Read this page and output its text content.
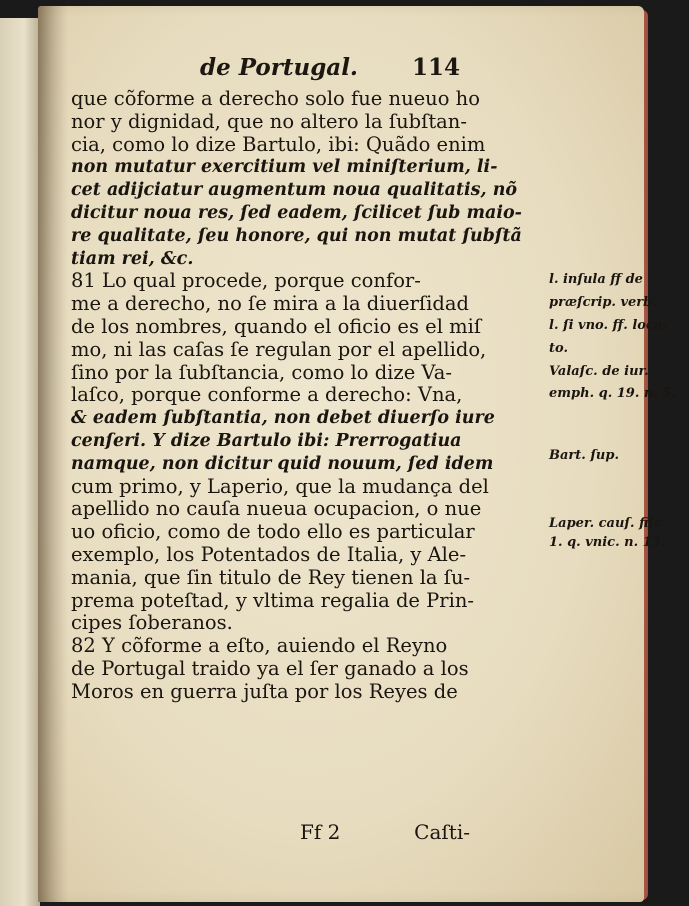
de Portugal. 114
que cõforme a derecho solo fue nueuo ho
nor y dignidad, que no altero la ſubſtan-
cia, como lo dize Bartulo, ibi: Quãdo enim
non mutatur exercitium vel miniſterium, li-
cet adijciatur augmentum noua qualitatis, nõ
dicitur noua res, ſed eadem, ſcilicet ſub maio-
re qualitate, ſeu honore, qui non mutat ſubſtã
tiam rei, &c.
81 Lo qual procede, porque confor-
me a derecho, no ſe mira a la diuerſidad
de los nombres, quando el oficio es el miſ
mo, ni las caſas ſe regulan por el apellido,
ſino por la ſubſtancia, como lo dize Va-
laſco, porque conforme a derecho: Vna,
& eadem ſubſtantia, non debet diuerſo iure
cenſeri. Y dize Bartulo ibi: Prerrogatiua
namque, non dicitur quid nouum, ſed idem
cum primo, y Laperio, que la mudança del
apellido no cauſa nueua ocupacion, o nue
uo oficio, como de todo ello es particular
exemplo, los Potentados de Italia, y Ale-
mania, que ſin titulo de Rey tienen la ſu-
prema poteſtad, y vltima regalia de Prin-
cipes ſoberanos.
82 Y cõforme a eſto, auiendo el Reyno
de Portugal traido ya el ſer ganado a los
Moros en guerra juſta por los Reyes de
l. inſula ff de
præſcrip. verb.
l. ſi vno. ff. loca-
to.
Valaſc. de iur.
emph. q. 19. n. 5.
Bart. ſup.
Laper. cauſ. fiſc
1. q. vnic. n. 13.
Ff 2	Caſti-
